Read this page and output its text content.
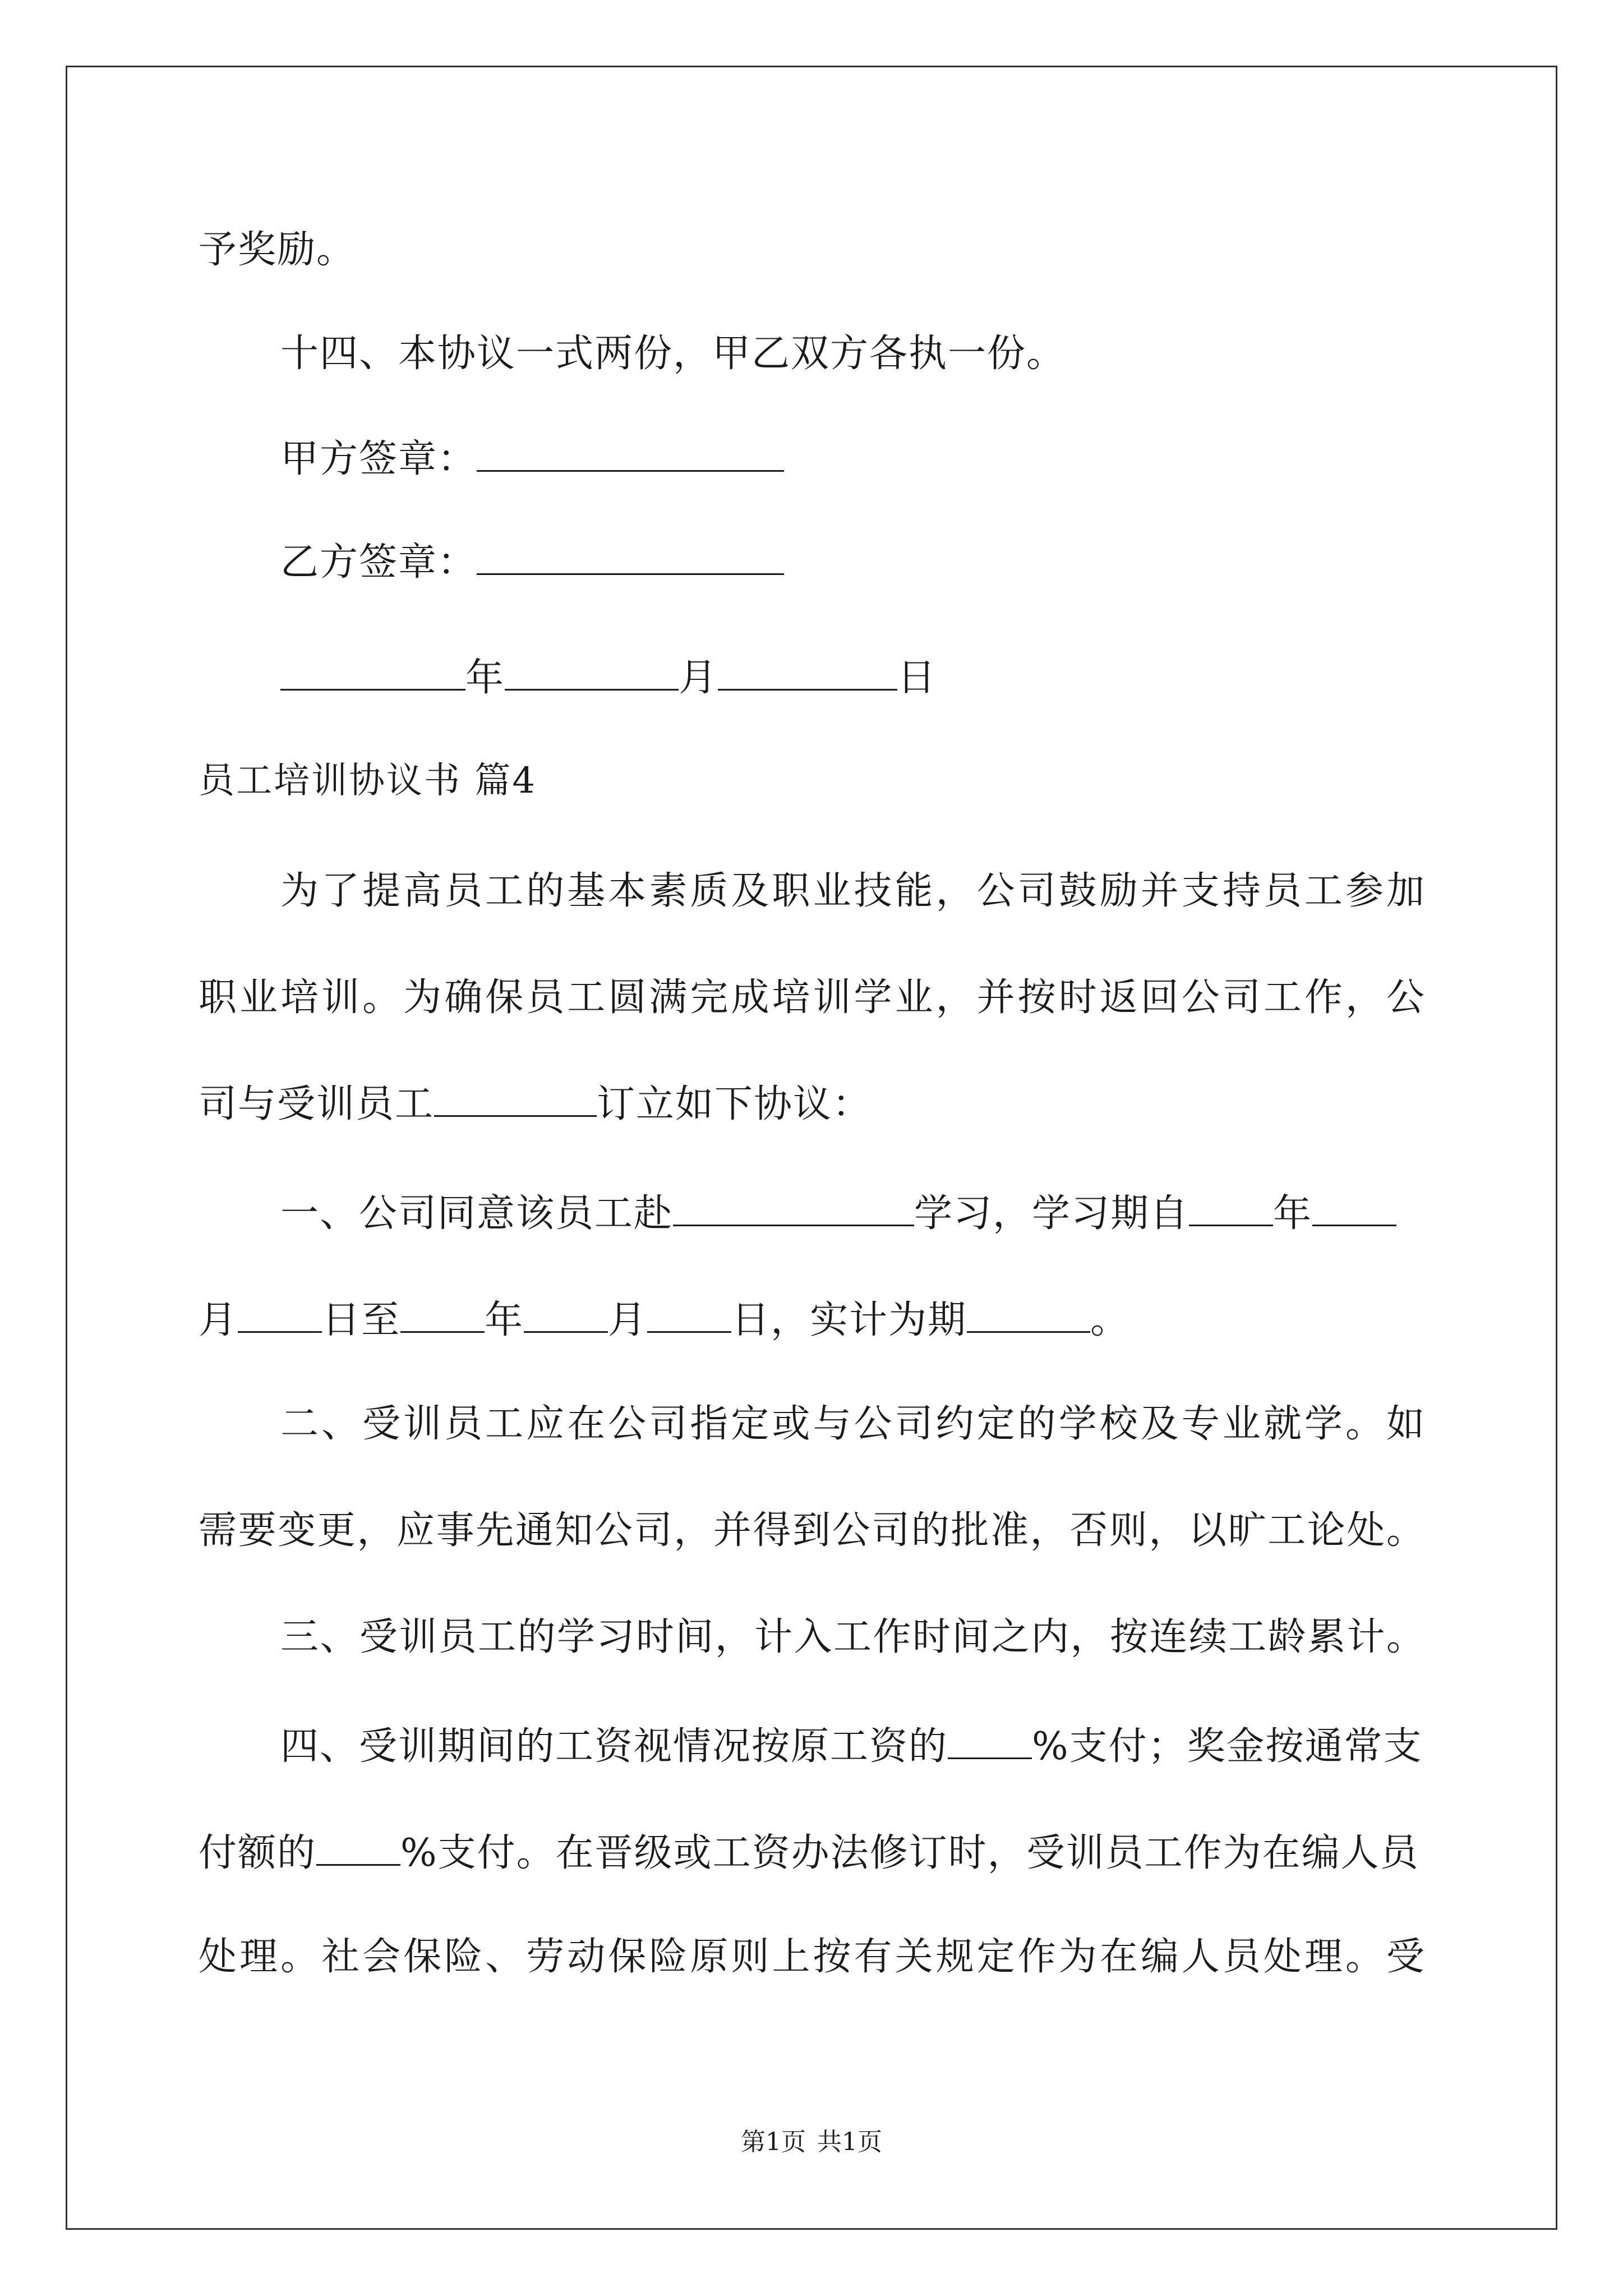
予奖励。

十四、本协议一式两份，甲乙双方各执一份。

甲方签章：

乙方签章：

年	月	日

员工培训协议书 篇4

为了提高员工的基本素质及职业技能，公司鼓励并支持员工参加

职业培训。为确保员工圆满完成培训学业，并按时返回公司工作，公

司与受训员工	订立如下协议：

一、公司同意该员工赴	学习，学习期自 年

月 日至 年 月 日，实计为期	。

二、受训员工应在公司指定或与公司约定的学校及专业就学。如

需要变更，应事先通知公司，并得到公司的批准，否则，以旷工论处。

三、受训员工的学习时间，计入工作时间之内，按连续工龄累计。

四、受训期间的工资视情况按原工资的 %支付；奖金按通常支

付额的 %支付。在晋级或工资办法修订时，受训员工作为在编人员

处理。社会保险、劳动保险原则上按有关规定作为在编人员处理。受

第1页 共1页
